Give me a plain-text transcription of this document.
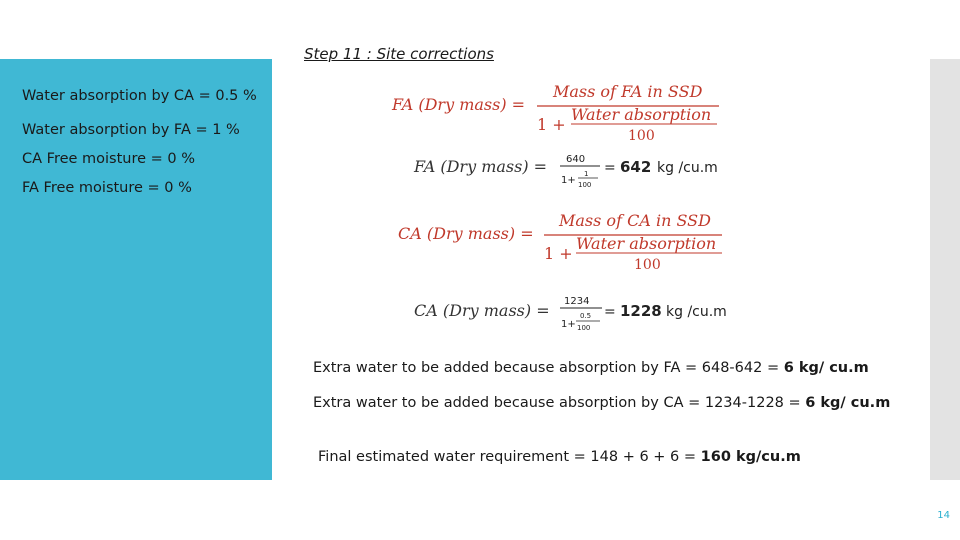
Step 11 : Site corrections
Water absorption by CA = 0.5 %
Water absorption by FA = 1 %
CA Free moisture = 0 %
FA Free moisture = 0 %
FA (Dry mass) =
Mass of FA in SSD
1 +
Water absorption
100
FA (Dry mass) = 640
1+
1
100
= 642 kg /cu.m
CA (Dry mass) =
Mass of CA in SSD
1 +
Water absorption
100
CA (Dry mass) = 1234
1+
0.5
100
= 1228 kg /cu.m
Extra water to be added because absorption by FA = 648-642 = 6 kg/ cu.m
Extra water to be added because absorption by CA = 1234-1228 = 6 kg/ cu.m
Final estimated water requirement = 148 + 6 + 6 = 160 kg/cu.m
14
